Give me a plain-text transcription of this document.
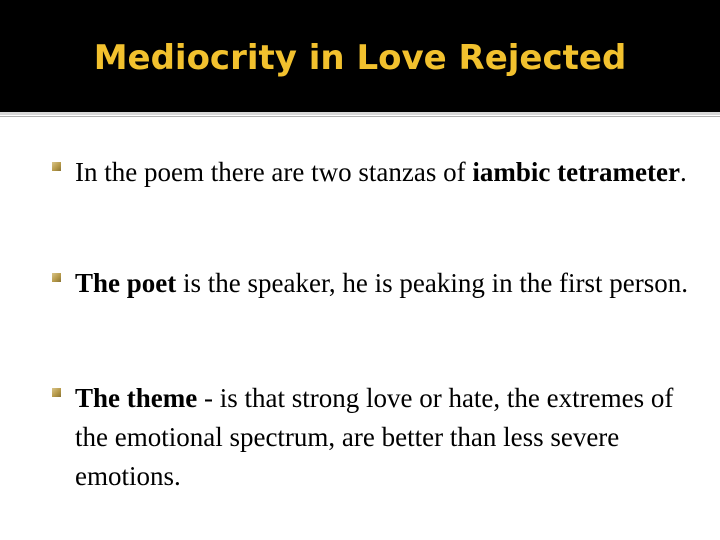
Mediocrity in Love Rejected
In the poem there are two stanzas of iambic tetrameter.
The poet is the speaker, he is peaking in the first person.
The theme - is that strong love or hate, the extremes of the emotional spectrum, are better than less severe emotions.
